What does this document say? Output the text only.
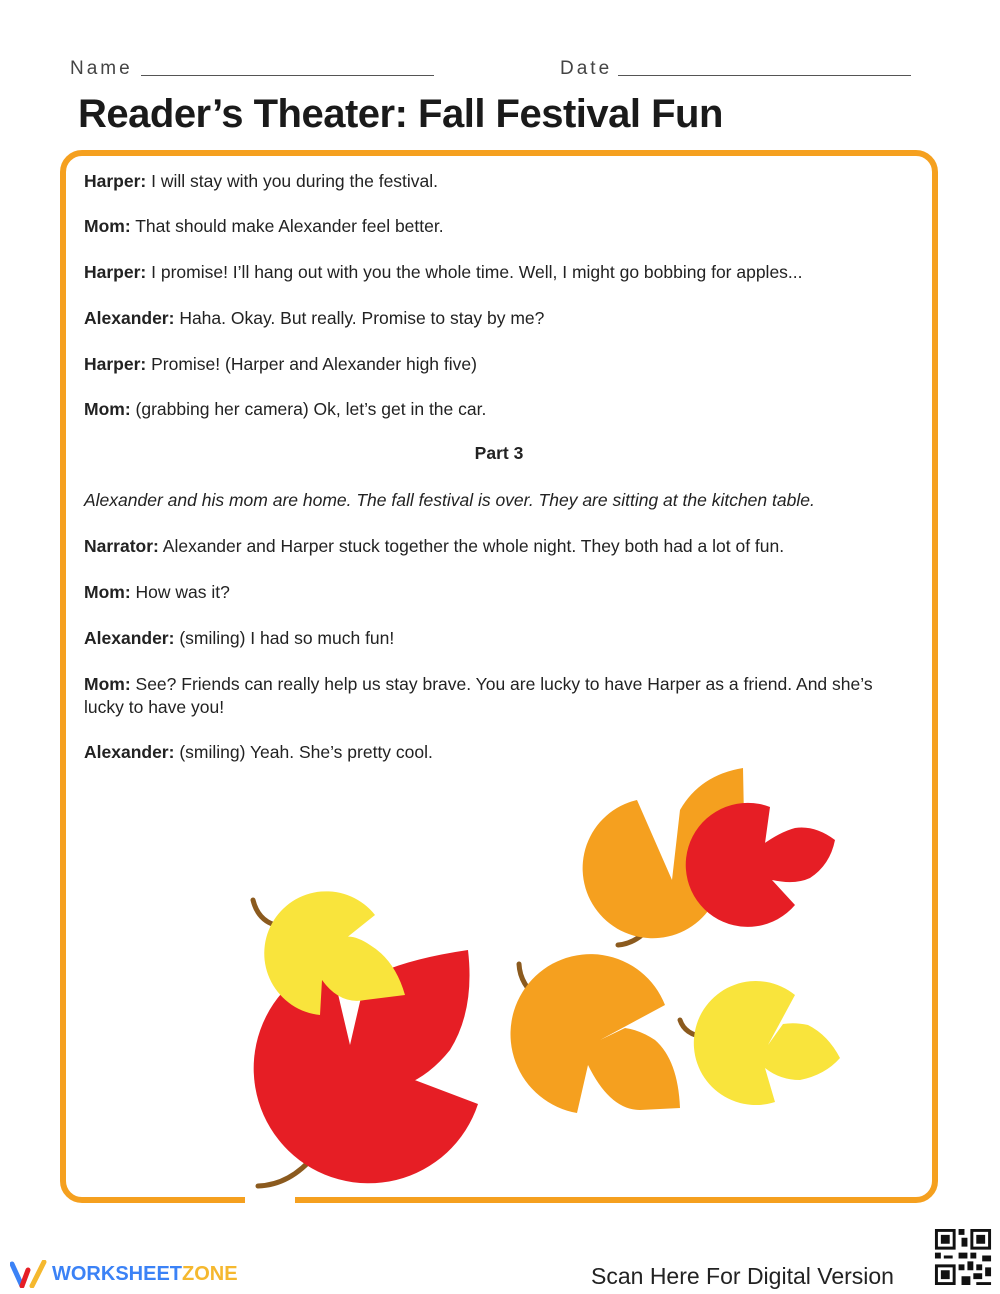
Name	Date
Reader’s Theater: Fall Festival Fun
Harper: I will stay with you during the festival.
Mom: That should make Alexander feel better.
Harper: I promise! I’ll hang out with you the whole time. Well, I might go bobbing for apples...
Alexander: Haha. Okay. But really. Promise to stay by me?
Harper: Promise! (Harper and Alexander high five)
Mom: (grabbing her camera) Ok, let’s get in the car.
Part 3
Alexander and his mom are home. The fall festival is over. They are sitting at the kitchen table.
Narrator: Alexander and Harper stuck together the whole night. They both had a lot of fun.
Mom: How was it?
Alexander: (smiling) I had so much fun!
Mom: See? Friends can really help us stay brave. You are lucky to have Harper as a friend. And she’s lucky to have you!
Alexander: (smiling) Yeah. She’s pretty cool.
WORKSHEET ZONE	Scan Here For Digital Version
